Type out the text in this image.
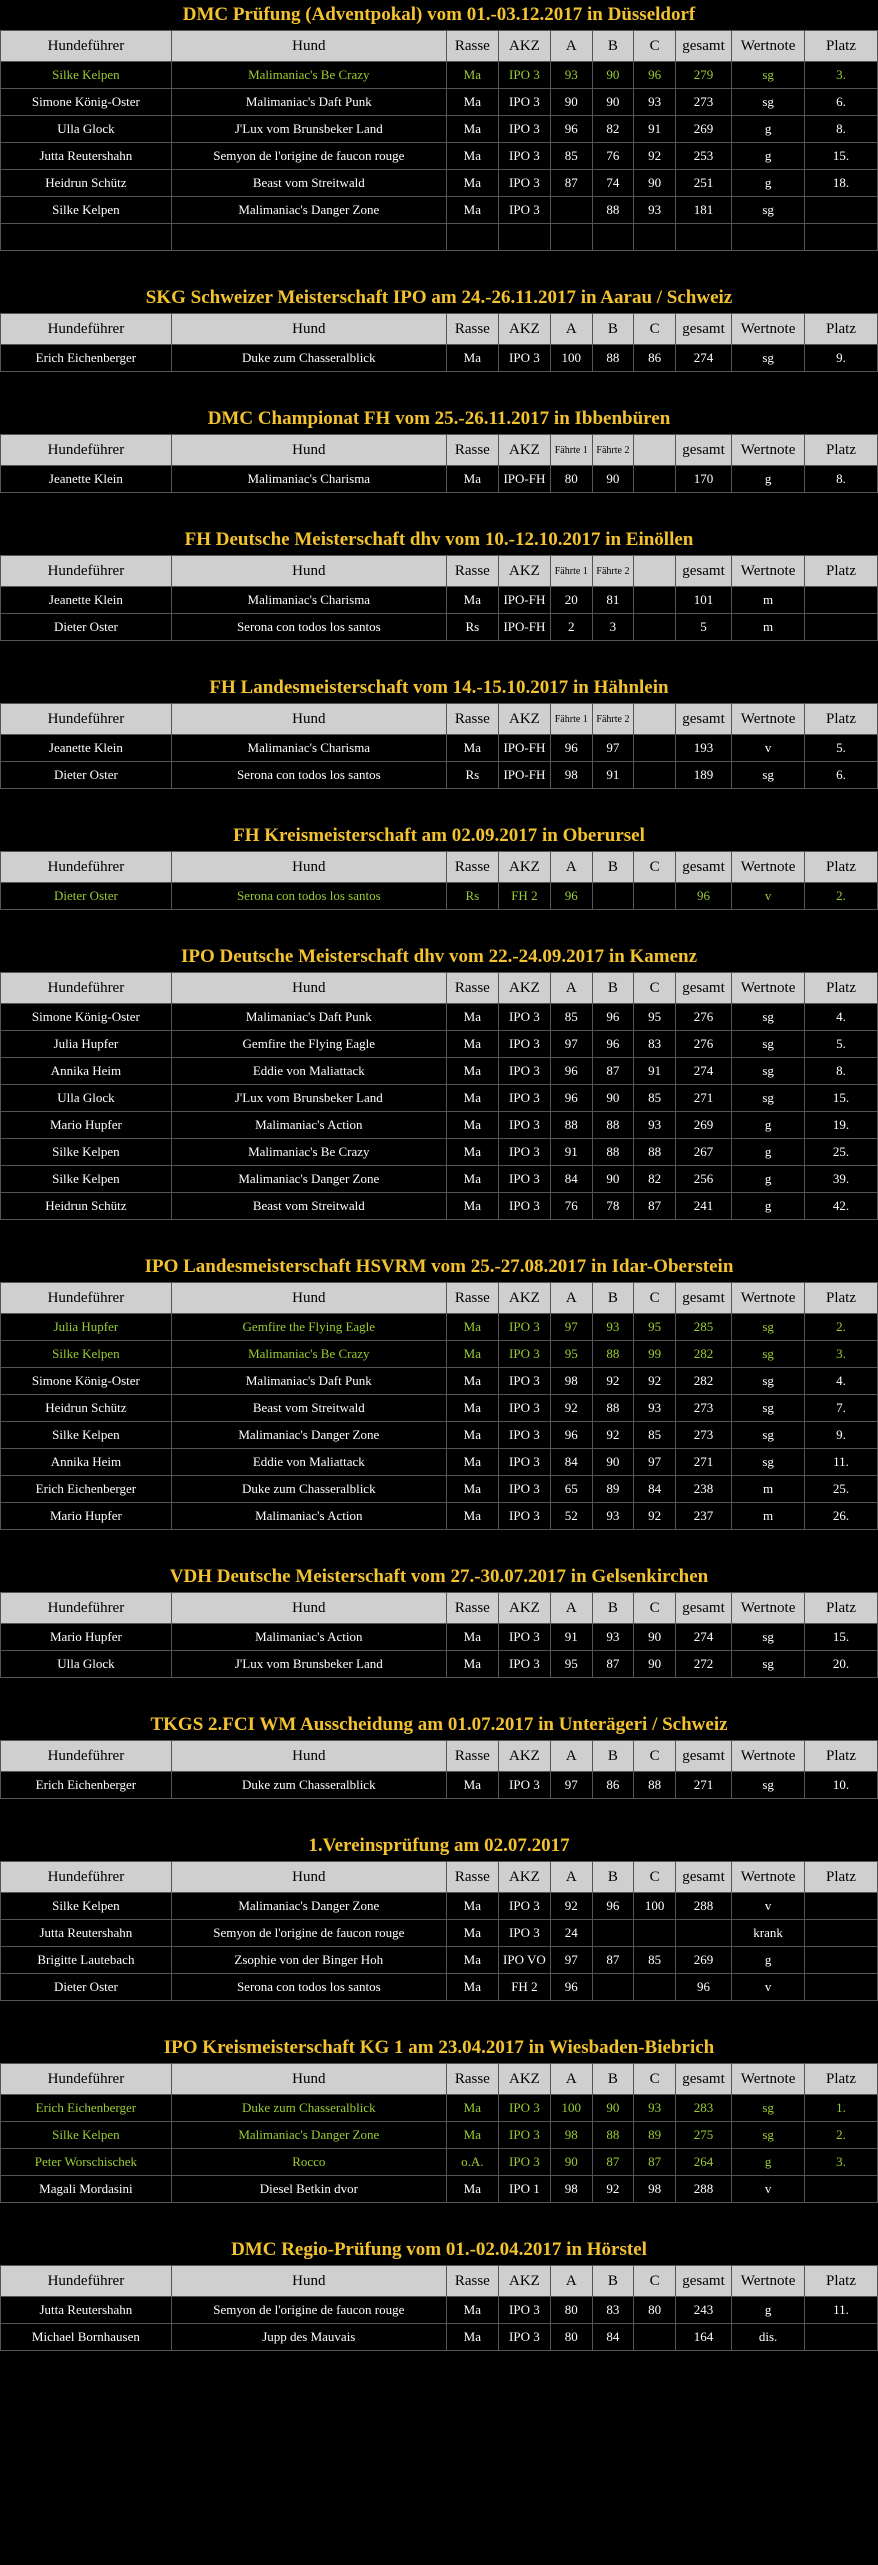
DMC Prüfung (Adventpokal) vom 01.-03.12.2017 in Düsseldorf
Hundeführer	Hund	Rasse	AKZ	A	B	C	gesamt	Wertnote	Platz
Silke Kelpen	Malimaniac's Be Crazy	Ma	IPO 3	93	90	96	279	sg	3.
Simone König-Oster	Malimaniac's Daft Punk	Ma	IPO 3	90	90	93	273	sg	6.
Ulla Glock	J'Lux vom Brunsbeker Land	Ma	IPO 3	96	82	91	269	g	8.
Jutta Reutershahn	Semyon de l'origine de faucon rouge	Ma	IPO 3	85	76	92	253	g	15.
Heidrun Schütz	Beast vom Streitwald	Ma	IPO 3	87	74	90	251	g	18.
Silke Kelpen	Malimaniac's Danger Zone	Ma	IPO 3		88	93	181	sg	

SKG Schweizer Meisterschaft IPO am 24.-26.11.2017 in Aarau / Schweiz
Hundeführer	Hund	Rasse	AKZ	A	B	C	gesamt	Wertnote	Platz
Erich Eichenberger	Duke zum Chasseralblick	Ma	IPO 3	100	88	86	274	sg	9.
DMC Championat FH vom 25.-26.11.2017 in Ibbenbüren
Hundeführer	Hund	Rasse	AKZ	Fährte 1	Fährte 2		gesamt	Wertnote	Platz
Jeanette Klein	Malimaniac's Charisma	Ma	IPO-FH	80	90		170	g	8.
FH Deutsche Meisterschaft dhv vom 10.-12.10.2017 in Einöllen
Hundeführer	Hund	Rasse	AKZ	Fährte 1	Fährte 2		gesamt	Wertnote	Platz
Jeanette Klein	Malimaniac's Charisma	Ma	IPO-FH	20	81		101	m	
Dieter Oster	Serona con todos los santos	Rs	IPO-FH	2	3		5	m	
FH Landesmeisterschaft vom 14.-15.10.2017 in Hähnlein
Hundeführer	Hund	Rasse	AKZ	Fährte 1	Fährte 2		gesamt	Wertnote	Platz
Jeanette Klein	Malimaniac's Charisma	Ma	IPO-FH	96	97		193	v	5.
Dieter Oster	Serona con todos los santos	Rs	IPO-FH	98	91		189	sg	6.
FH Kreismeisterschaft am 02.09.2017 in Oberursel
Hundeführer	Hund	Rasse	AKZ	A	B	C	gesamt	Wertnote	Platz
Dieter Oster	Serona con todos los santos	Rs	FH 2	96			96	v	2.
IPO Deutsche Meisterschaft dhv vom 22.-24.09.2017 in Kamenz
Hundeführer	Hund	Rasse	AKZ	A	B	C	gesamt	Wertnote	Platz
Simone König-Oster	Malimaniac's Daft Punk	Ma	IPO 3	85	96	95	276	sg	4.
Julia Hupfer	Gemfire the Flying Eagle	Ma	IPO 3	97	96	83	276	sg	5.
Annika Heim	Eddie von Maliattack	Ma	IPO 3	96	87	91	274	sg	8.
Ulla Glock	J'Lux vom Brunsbeker Land	Ma	IPO 3	96	90	85	271	sg	15.
Mario Hupfer	Malimaniac's Action	Ma	IPO 3	88	88	93	269	g	19.
Silke Kelpen	Malimaniac's Be Crazy	Ma	IPO 3	91	88	88	267	g	25.
Silke Kelpen	Malimaniac's Danger Zone	Ma	IPO 3	84	90	82	256	g	39.
Heidrun Schütz	Beast vom Streitwald	Ma	IPO 3	76	78	87	241	g	42.
IPO Landesmeisterschaft HSVRM vom 25.-27.08.2017 in Idar-Oberstein
Hundeführer	Hund	Rasse	AKZ	A	B	C	gesamt	Wertnote	Platz
Julia Hupfer	Gemfire the Flying Eagle	Ma	IPO 3	97	93	95	285	sg	2.
Silke Kelpen	Malimaniac's Be Crazy	Ma	IPO 3	95	88	99	282	sg	3.
Simone König-Oster	Malimaniac's Daft Punk	Ma	IPO 3	98	92	92	282	sg	4.
Heidrun Schütz	Beast vom Streitwald	Ma	IPO 3	92	88	93	273	sg	7.
Silke Kelpen	Malimaniac's Danger Zone	Ma	IPO 3	96	92	85	273	sg	9.
Annika Heim	Eddie von Maliattack	Ma	IPO 3	84	90	97	271	sg	11.
Erich Eichenberger	Duke zum Chasseralblick	Ma	IPO 3	65	89	84	238	m	25.
Mario Hupfer	Malimaniac's Action	Ma	IPO 3	52	93	92	237	m	26.
VDH Deutsche Meisterschaft vom 27.-30.07.2017 in Gelsenkirchen
Hundeführer	Hund	Rasse	AKZ	A	B	C	gesamt	Wertnote	Platz
Mario Hupfer	Malimaniac's Action	Ma	IPO 3	91	93	90	274	sg	15.
Ulla Glock	J'Lux vom Brunsbeker Land	Ma	IPO 3	95	87	90	272	sg	20.
TKGS 2.FCI WM Ausscheidung am 01.07.2017 in Unterägeri / Schweiz
Hundeführer	Hund	Rasse	AKZ	A	B	C	gesamt	Wertnote	Platz
Erich Eichenberger	Duke zum Chasseralblick	Ma	IPO 3	97	86	88	271	sg	10.
1.Vereinsprüfung am 02.07.2017
Hundeführer	Hund	Rasse	AKZ	A	B	C	gesamt	Wertnote	Platz
Silke Kelpen	Malimaniac's Danger Zone	Ma	IPO 3	92	96	100	288	v	
Jutta Reutershahn	Semyon de l'origine de faucon rouge	Ma	IPO 3	24				krank	
Brigitte Lautebach	Zsophie von der Binger Hoh	Ma	IPO VO	97	87	85	269	g	
Dieter Oster	Serona con todos los santos	Ma	FH 2	96			96	v	
IPO Kreismeisterschaft KG 1 am 23.04.2017 in Wiesbaden-Biebrich
Hundeführer	Hund	Rasse	AKZ	A	B	C	gesamt	Wertnote	Platz
Erich Eichenberger	Duke zum Chasseralblick	Ma	IPO 3	100	90	93	283	sg	1.
Silke Kelpen	Malimaniac's Danger Zone	Ma	IPO 3	98	88	89	275	sg	2.
Peter Worschischek	Rocco	o.A.	IPO 3	90	87	87	264	g	3.
Magali Mordasini	Diesel Betkin dvor	Ma	IPO 1	98	92	98	288	v	
DMC Regio-Prüfung vom 01.-02.04.2017 in Hörstel
Hundeführer	Hund	Rasse	AKZ	A	B	C	gesamt	Wertnote	Platz
Jutta Reutershahn	Semyon de l'origine de faucon rouge	Ma	IPO 3	80	83	80	243	g	11.
Michael Bornhausen	Jupp des Mauvais	Ma	IPO 3	80	84		164	dis.	
